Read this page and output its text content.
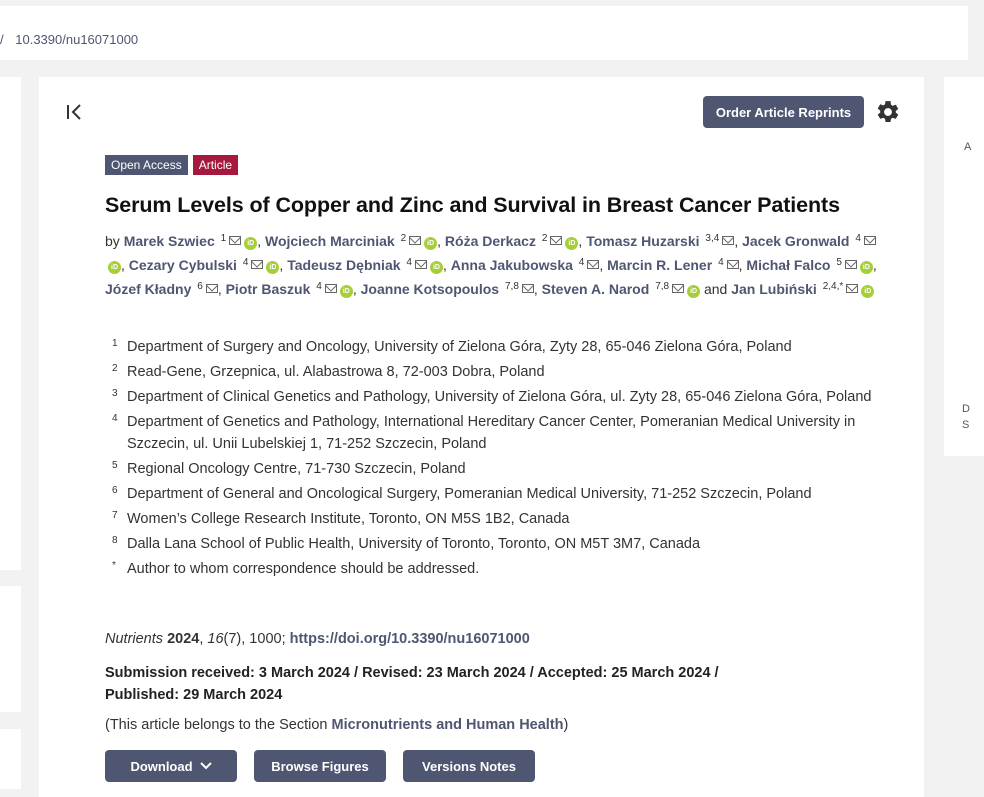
/ 10.3390/nu16071000
A
D
S
Order Article Reprints
Open Access	Article
Serum Levels of Copper and Zinc and Survival in Breast Cancer Patients
by Marek Szwiec $^1$	iD , Wojciech Marciniak $^2$	iD , Róża Derkacz $^2$	iD , Tomasz Huzarski $^{3,4}$ , Jacek Gronwald $^4$iD , Cezary Cybulski $^4$	iD , Tadeusz Dębniak $^4$	iD , Anna Jakubowska $^4$ , Marcin R. Lener $^4$ , Michał Falco $^5$	iD , Józef Kładny $^6$ , Piotr Baszuk $^4$	iD , Joanne Kotsopoulos $^{7,8}$ , Steven A. Narod $^{7,8}$	iD and Jan Lubiński $^{2,4,*}$	iD
1 Department of Surgery and Oncology, University of Zielona Góra, Zyty 28, 65-046 Zielona Góra, Poland
2 Read-Gene, Grzepnica, ul. Alabastrowa 8, 72-003 Dobra, Poland
3 Department of Clinical Genetics and Pathology, University of Zielona Góra, ul. Zyty 28, 65-046 Zielona Góra, Poland
4 Department of Genetics and Pathology, International Hereditary Cancer Center, Pomeranian Medical University in Szczecin, ul. Unii Lubelskiej 1, 71-252 Szczecin, Poland
5 Regional Oncology Centre, 71-730 Szczecin, Poland
6 Department of General and Oncological Surgery, Pomeranian Medical University, 71-252 Szczecin, Poland
7 Women’s College Research Institute, Toronto, ON M5S 1B2, Canada
8 Dalla Lana School of Public Health, University of Toronto, Toronto, ON M5T 3M7, Canada
* Author to whom correspondence should be addressed.
Nutrients 2024, 16(7), 1000; https://doi.org/10.3390/nu16071000
Submission received: 3 March 2024 / Revised: 23 March 2024 / Accepted: 25 March 2024 / Published: 29 March 2024
(This article belongs to the Section Micronutrients and Human Health)
Download	Browse Figures	Versions Notes
